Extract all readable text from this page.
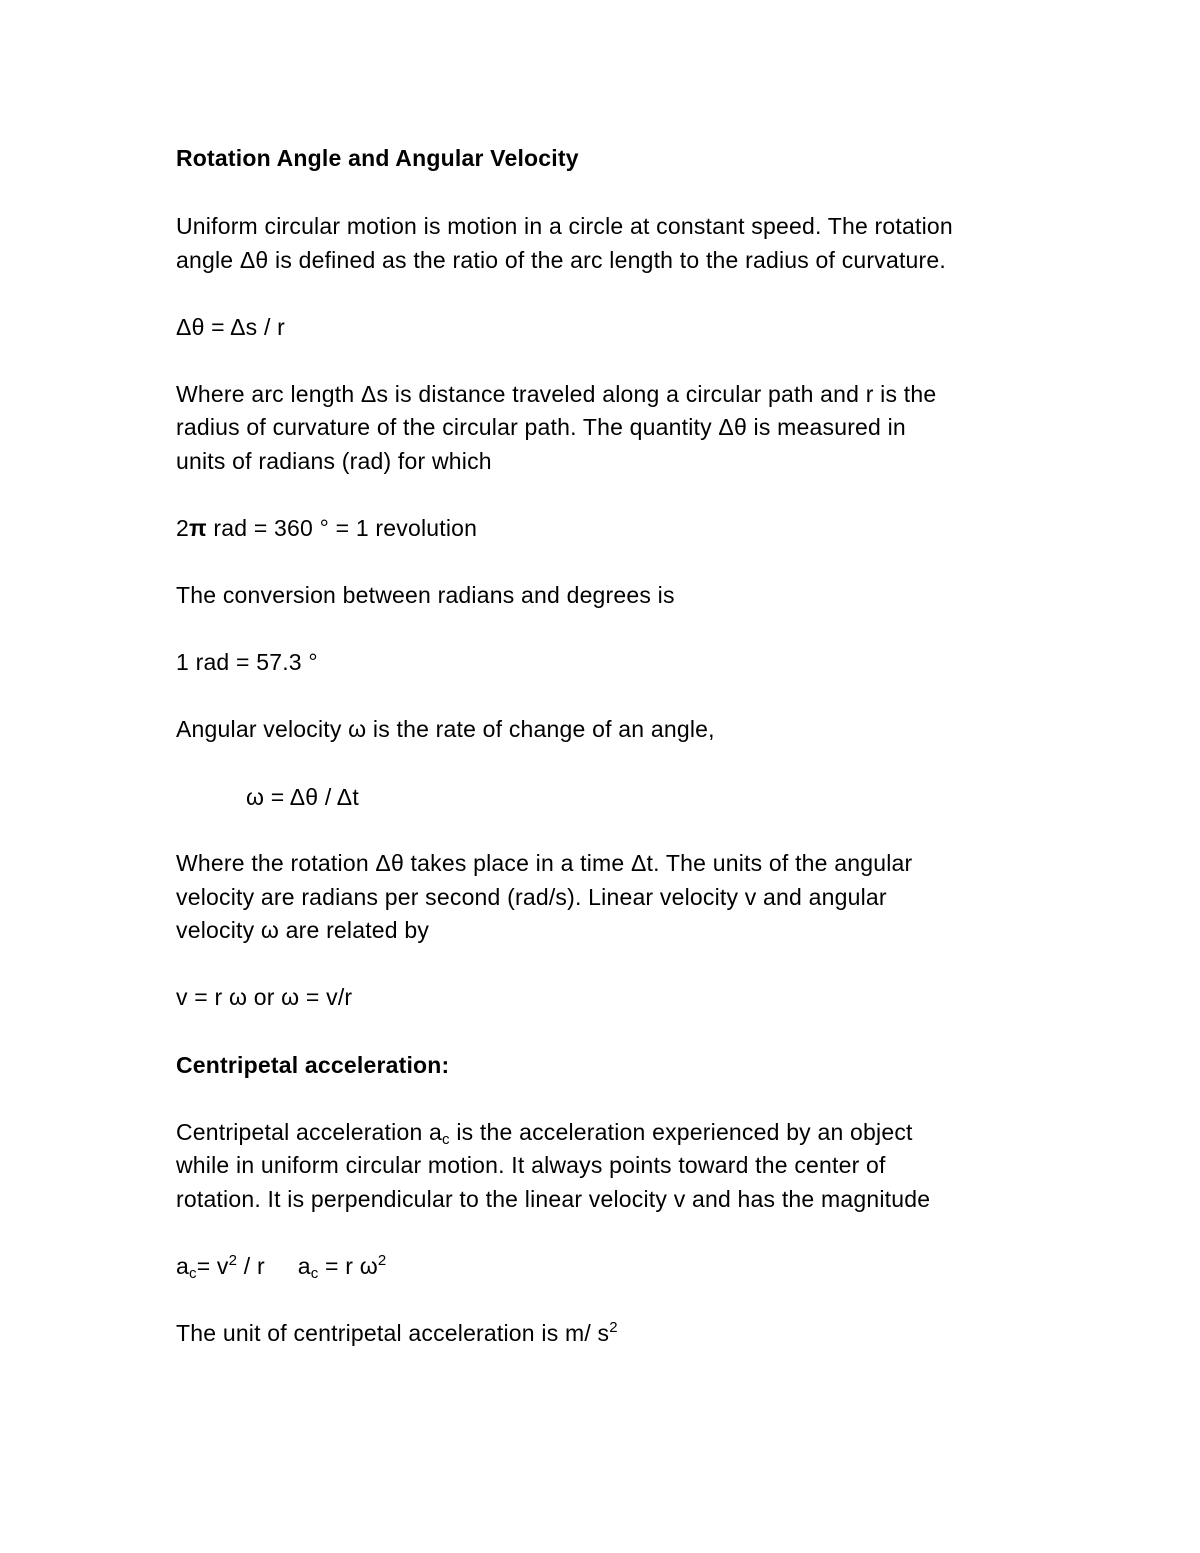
Rotation Angle and Angular Velocity
Uniform circular motion is motion in a circle at constant speed. The rotation
angle Δθ is defined as the ratio of the arc length to the radius of curvature.
Δθ = Δs / r
Where arc length Δs is distance traveled along a circular path and r is the
radius of curvature of the circular path. The quantity Δθ is measured in
units of radians (rad) for which
2π rad = 360 ° = 1 revolution
The conversion between radians and degrees is
1 rad = 57.3 °
Angular velocity ω is the rate of change of an angle,
ω = Δθ / Δt
Where the rotation Δθ takes place in a time Δt. The units of the angular
velocity are radians per second (rad/s). Linear velocity v and angular
velocity ω are related by
v = r ω or ω = v/r
Centripetal acceleration:
Centripetal acceleration $a_c$ is the acceleration experienced by an object
while in uniform circular motion. It always points toward the center of
rotation. It is perpendicular to the linear velocity v and has the magnitude
$a_c= v^2 / r$     $a_c = r$ $\omega^2$
The unit of centripetal acceleration is m/ $s^2$
